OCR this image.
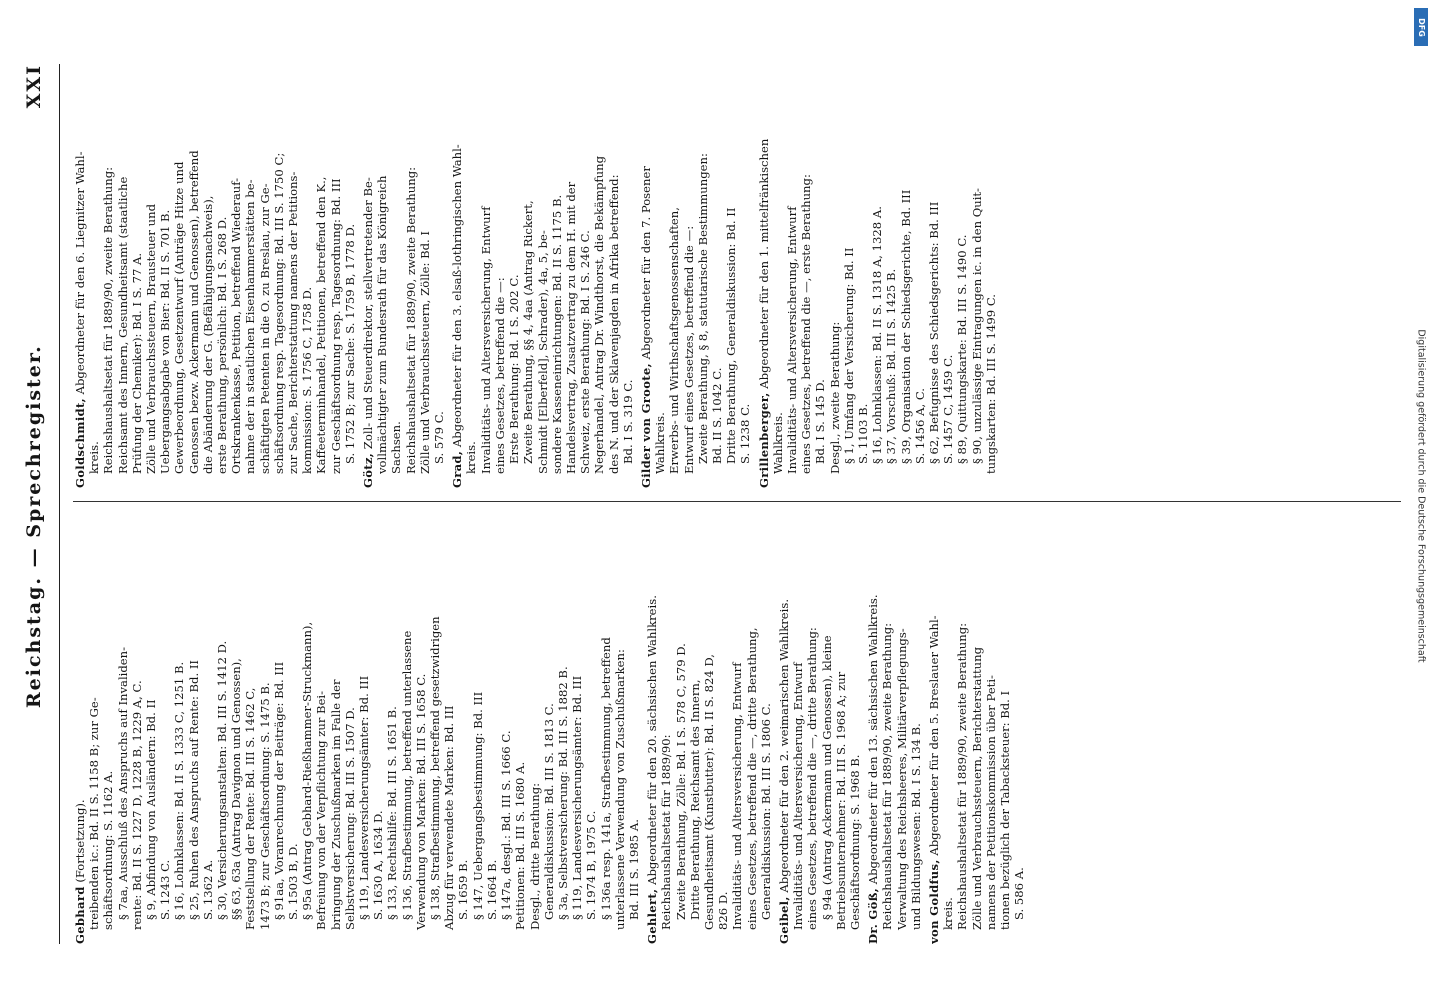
Reichstag. — Sprechregister.
XXI
Gebhard (Fortsetzung). treibenden ic.: Bd. II S. 1158 B; zur Ge- schäftsordnung: S. 1162 A. § 7aa, Ausschluß des Anspruchs auf Invaliden- rente: Bd. II S. 1227 D, 1228 B, 1229 A, C. § 9, Abfindung von Ausländern: Bd. II S. 1243 C. § 16, Lohnklassen: Bd. II S. 1333 C, 1251 B. § 25, Ruhen des Anspruchs auf Rente: Bd. II S. 1362 A. § 30, Versicherungsanstalten: Bd. III S. 1412 D. §§ 63, 63a (Antrag Davignon und Genossen), Feststellung der Rente: Bd. III S. 1462 C, 1473 B; zur Geschäftsordnung: S. 1475 B. § 91aa, Voranrechnung der Beiträge: Bd. III S. 1503 B, D. § 95a (Antrag Gebhard-Rießhammer-Struckmann), Befreiung von der Verpflichtung zur Bei- bringung der Zuschußmarken im Falle der Selbstversicherung: Bd. III S. 1507 D. § 119, Landesversicherungsämter: Bd. III S. 1630 A, 1634 D. § 133, Rechtshilfe: Bd. III S. 1651 B. § 136, Strafbestimmung, betreffend unterlassene Verwendung von Marken: Bd. III S. 1658 C. § 138, Strafbestimmung, betreffend gesetzwidrigen Abzug für verwendete Marken: Bd. III S. 1659 B. § 147, Uebergangsbestimmung: Bd. III S. 1664 B. § 147a, desgl.: Bd. III S. 1666 C. Petitionen: Bd. III S. 1680 A. Desgl., dritte Berathung: Generaldiskussion: Bd. III S. 1813 C. § 3a, Selbstversicherung: Bd. III S. 1882 B. § 119, Landesversicherungsämter: Bd. III S. 1974 B, 1975 C. § 136a resp. 141a, Strafbestimmung, betreffend unterlassene Verwendung von Zuschußmarken: Bd. III S. 1985 A. Gehlert, Abgeordneter für den 20. sächsischen Wahlkreis. Reichshaushaltsetat für 1889/90: Zweite Berathung, Zölle: Bd. I S. 578 C, 579 D. Dritte Berathung, Reichsamt des Innern, Gesundheitsamt (Kunstbutter): Bd. II S. 824 D, 826 D. Invaliditäts- und Altersversicherung, Entwurf eines Gesetzes, betreffend die —, dritte Berathung, Generaldiskussion: Bd. III S. 1806 C.
Geibel, Abgeordneter für den 2. weimarischen Wahlkreis. Invaliditäts- und Altersversicherung, Entwurf eines Gesetzes, betreffend die —, dritte Berathung: § 94a (Antrag Ackermann und Genossen), kleine Betriebsunternehmer: Bd. III S. 1968 A; zur Geschäftsordnung: S. 1968 B. Dr. Göß, Abgeordneter für den 13. sächsischen Wahlkreis. Reichshaushaltsetat für 1889/90, zweite Berathung: Verwaltung des Reichsheeres, Militärverpflegungs- und Bildungswesen: Bd. I S. 134 B. von Goldfus, Abgeordneter für den 5. Breslauer Wahl-
kreis. Reichshaushaltsetat für 1889/90, zweite Berathung: Zölle und Verbrauchssteuern, Berichterstattung namens der Petitionskommission über Peti- tionen bezüglich der Tabacksteuer: Bd. I S. 586 A.
Goldschmidt, Abgeordneter für den 6. Liegnitzer Wahl-
kreis. Reichshaushaltsetat für 1889/90, zweite Berathung: Reichsamt des Innern, Gesundheitsamt (staatliche Prüfung der Chemiker): Bd. I S. 77 A. Zölle und Verbrauchssteuern, Brausteuer und Uebergangsabgabe von Bier: Bd. II S. 701 B. Gewerbeordnung, Gesetzentwurf (Anträge Hitze und Genossen bezw. Ackermann und Genossen), betreffend die Abänderung der G. (Befähigungsnachweis), erste Berathung, persönlich: Bd. I S. 268 D. Ortskrankenkasse, Petition, betreffend Wiederauf- nahme der in staatlichen Eisenhammerstätten be- schäftigten Petenten in die O. zu Breslau, zur Ge- schäftsordnung resp. Tagesordnung: Bd. III S. 1750 C; zur Sache, Berichterstattung namens der Petitions- kommission: S. 1756 C, 1758 D. Kaffeeterminhandel, Petitionen, betreffend den K., zur Geschäftsordnung resp. Tagesordnung: Bd. III S. 1752 B; zur Sache: S. 1759 B, 1778 D.
Götz, Zoll- und Steuerdirektor, stellvertretender Be- vollmächtigter zum Bundesrath für das Königreich Sachsen. Reichshaushaltsetat für 1889/90, zweite Berathung: Zölle und Verbrauchssteuern, Zölle: Bd. I S. 579 C.
Grad, Abgeordneter für den 3. elsaß-lothringischen Wahl-
kreis. Invaliditäts- und Altersversicherung, Entwurf eines Gesetzes, betreffend die —: Erste Berathung: Bd. I S. 202 C. Zweite Berathung, §§ 4, 4aa (Antrag Rickert, Schmidt [Elberfeld], Schrader), 4a, 5, be- sondere Kasseneinrichtungen: Bd. II S. 1175 B. Handelsvertrag, Zusatzvertrag zu dem H. mit der Schweiz, erste Berathung: Bd. I S. 246 C. Negerhandel, Antrag Dr. Windthorst, die Bekämpfung des N. und der Sklavenjagden in Afrika betreffend: Bd. I S. 319 C. Gilder von Groote, Abgeordneter für den 7. Posener
Wahlkreis. Erwerbs- und Wirthschaftsgenossenschaften, Entwurf eines Gesetzes, betreffend die —: Zweite Berathung, § 8, statutarische Bestimmungen: Bd. II S. 1042 C. Dritte Berathung, Generaldiskussion: Bd. II S. 1238 C. Grillenberger, Abgeordneter für den 1. mittelfränkischen
Wahlkreis. Invaliditäts- und Altersversicherung, Entwurf eines Gesetzes, betreffend die —, erste Berathung: Bd. I S. 145 D. Desgl., zweite Berathung: § 1, Umfang der Versicherung: Bd. II S. 1103 B. § 16, Lohnklassen: Bd. II S. 1318 A, 1328 A. § 37, Vorschuß: Bd. III S. 1425 B. § 39, Organisation der Schiedsgerichte, Bd. III S. 1456 A, C. § 62, Befugnisse des Schiedsgerichts: Bd. III S. 1457 C, 1459 C. § 89, Quittungskarte: Bd. III S. 1490 C. § 90, unzulässige Eintragungen ic. in den Quit- tungskarten: Bd. III S. 1499 C.
DFG
Digitalisierung gefördert durch die Deutsche Forschungsgemeinschaft
